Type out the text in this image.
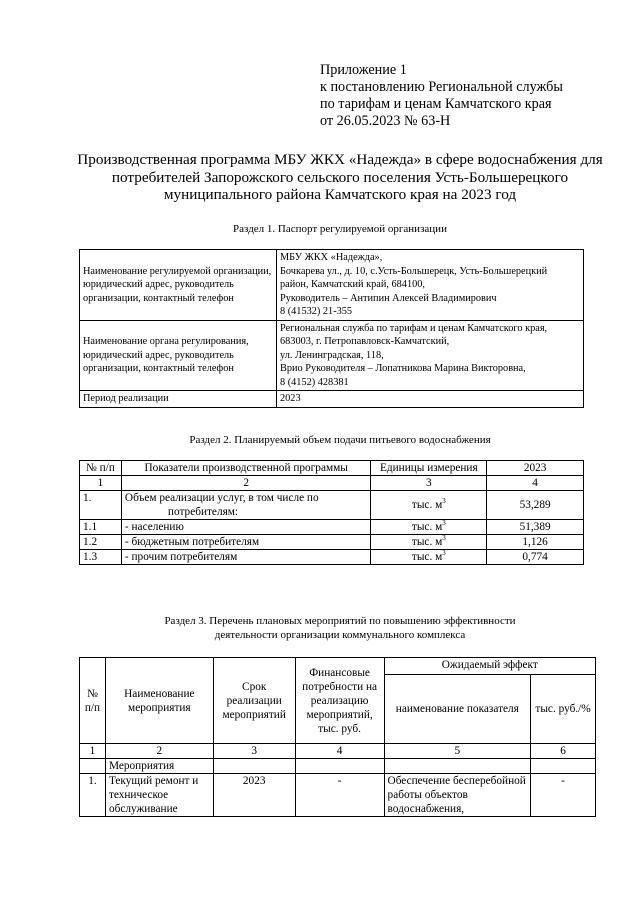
Приложение 1
к постановлению Региональной службы
по тарифам и ценам Камчатского края
от 26.05.2023 № 63-Н
Производственная программа МБУ ЖКХ «Надежда» в сфере водоснабжения для
потребителей Запорожского сельского поселения Усть-Большерецкого
муниципального района Камчатского края на 2023 год
Раздел 1. Паспорт регулируемой организации
Наименование регулируемой организации, юридический адрес, руководитель организации, контактный телефон	МБУ ЖКХ «Надежда»,
Бочкарева ул., д. 10, с.Усть-Большерецк, Усть-Большерецкий
район, Камчатский край, 684100,
Руководитель – Антипин Алексей Владимирович
8 (41532) 21-355

Наименование органа регулирования, юридический адрес, руководитель организации, контактный телефон	Региональная служба по тарифам и ценам Камчатского края,
683003, г. Петропавловск-Камчатский,
ул. Ленинградская, 118,
Врио Руководителя – Лопатникова Марина Викторовна,
8 (4152) 428381

Период реализации	2023
Раздел 2. Планируемый объем подачи питьевого водоснабжения
№ п/п	Показатели производственной программы	Единицы измерения	2023
1	2	3	4
1.	Объем реализации услуг, в том числе по потребителям:	тыс. $м^3$	53,289
1.1	- населению	тыс. $м^3$	51,389
1.2	- бюджетным потребителям	тыс. $м^3$	1,126
1.3	- прочим потребителям	тыс. $м^3$	0,774
Раздел 3. Перечень плановых мероприятий по повышению эффективности
деятельности организации коммунального комплекса
№ п/п	Наименование мероприятия	Срок реализации мероприятий	Финансовые потребности на реализацию мероприятий, тыс. руб.	Ожидаемый эффект	
				наименование показателя	тыс. руб./%
1	2	3	4	5	6
	Мероприятия				
1.	Текущий ремонт и техническое обслуживание	2023	-	Обеспечение бесперебойной работы объектов водоснабжения,	-
